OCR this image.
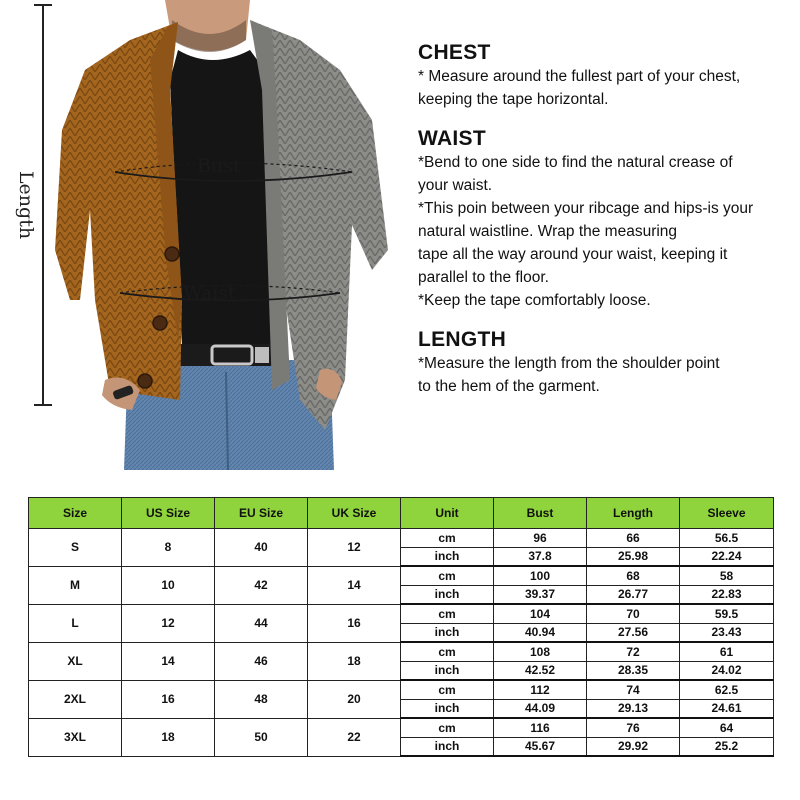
Length
Bust
Waist
CHEST

* Measure around the fullest part of your chest,

keeping the tape horizontal.

WAIST

*Bend to one side to find the natural crease of

your waist.

*This poin between your ribcage and hips-is your

natural waistline. Wrap the measuring

tape all the way around your waist, keeping it

parallel to the floor.

*Keep the tape comfortably loose.

LENGTH

*Measure the length from the shoulder point

to the hem of the garment.

Size	US Size	EU Size	UK Size	Unit	Bust	Length	Sleeve
S	8	40	12	cm	96	66	56.5
				inch	37.8	25.98	22.24
M	10	42	14	cm	100	68	58
				inch	39.37	26.77	22.83
L	12	44	16	cm	104	70	59.5
				inch	40.94	27.56	23.43
XL	14	46	18	cm	108	72	61
				inch	42.52	28.35	24.02
2XL	16	48	20	cm	112	74	62.5
				inch	44.09	29.13	24.61
3XL	18	50	22	cm	116	76	64
				inch	45.67	29.92	25.2
